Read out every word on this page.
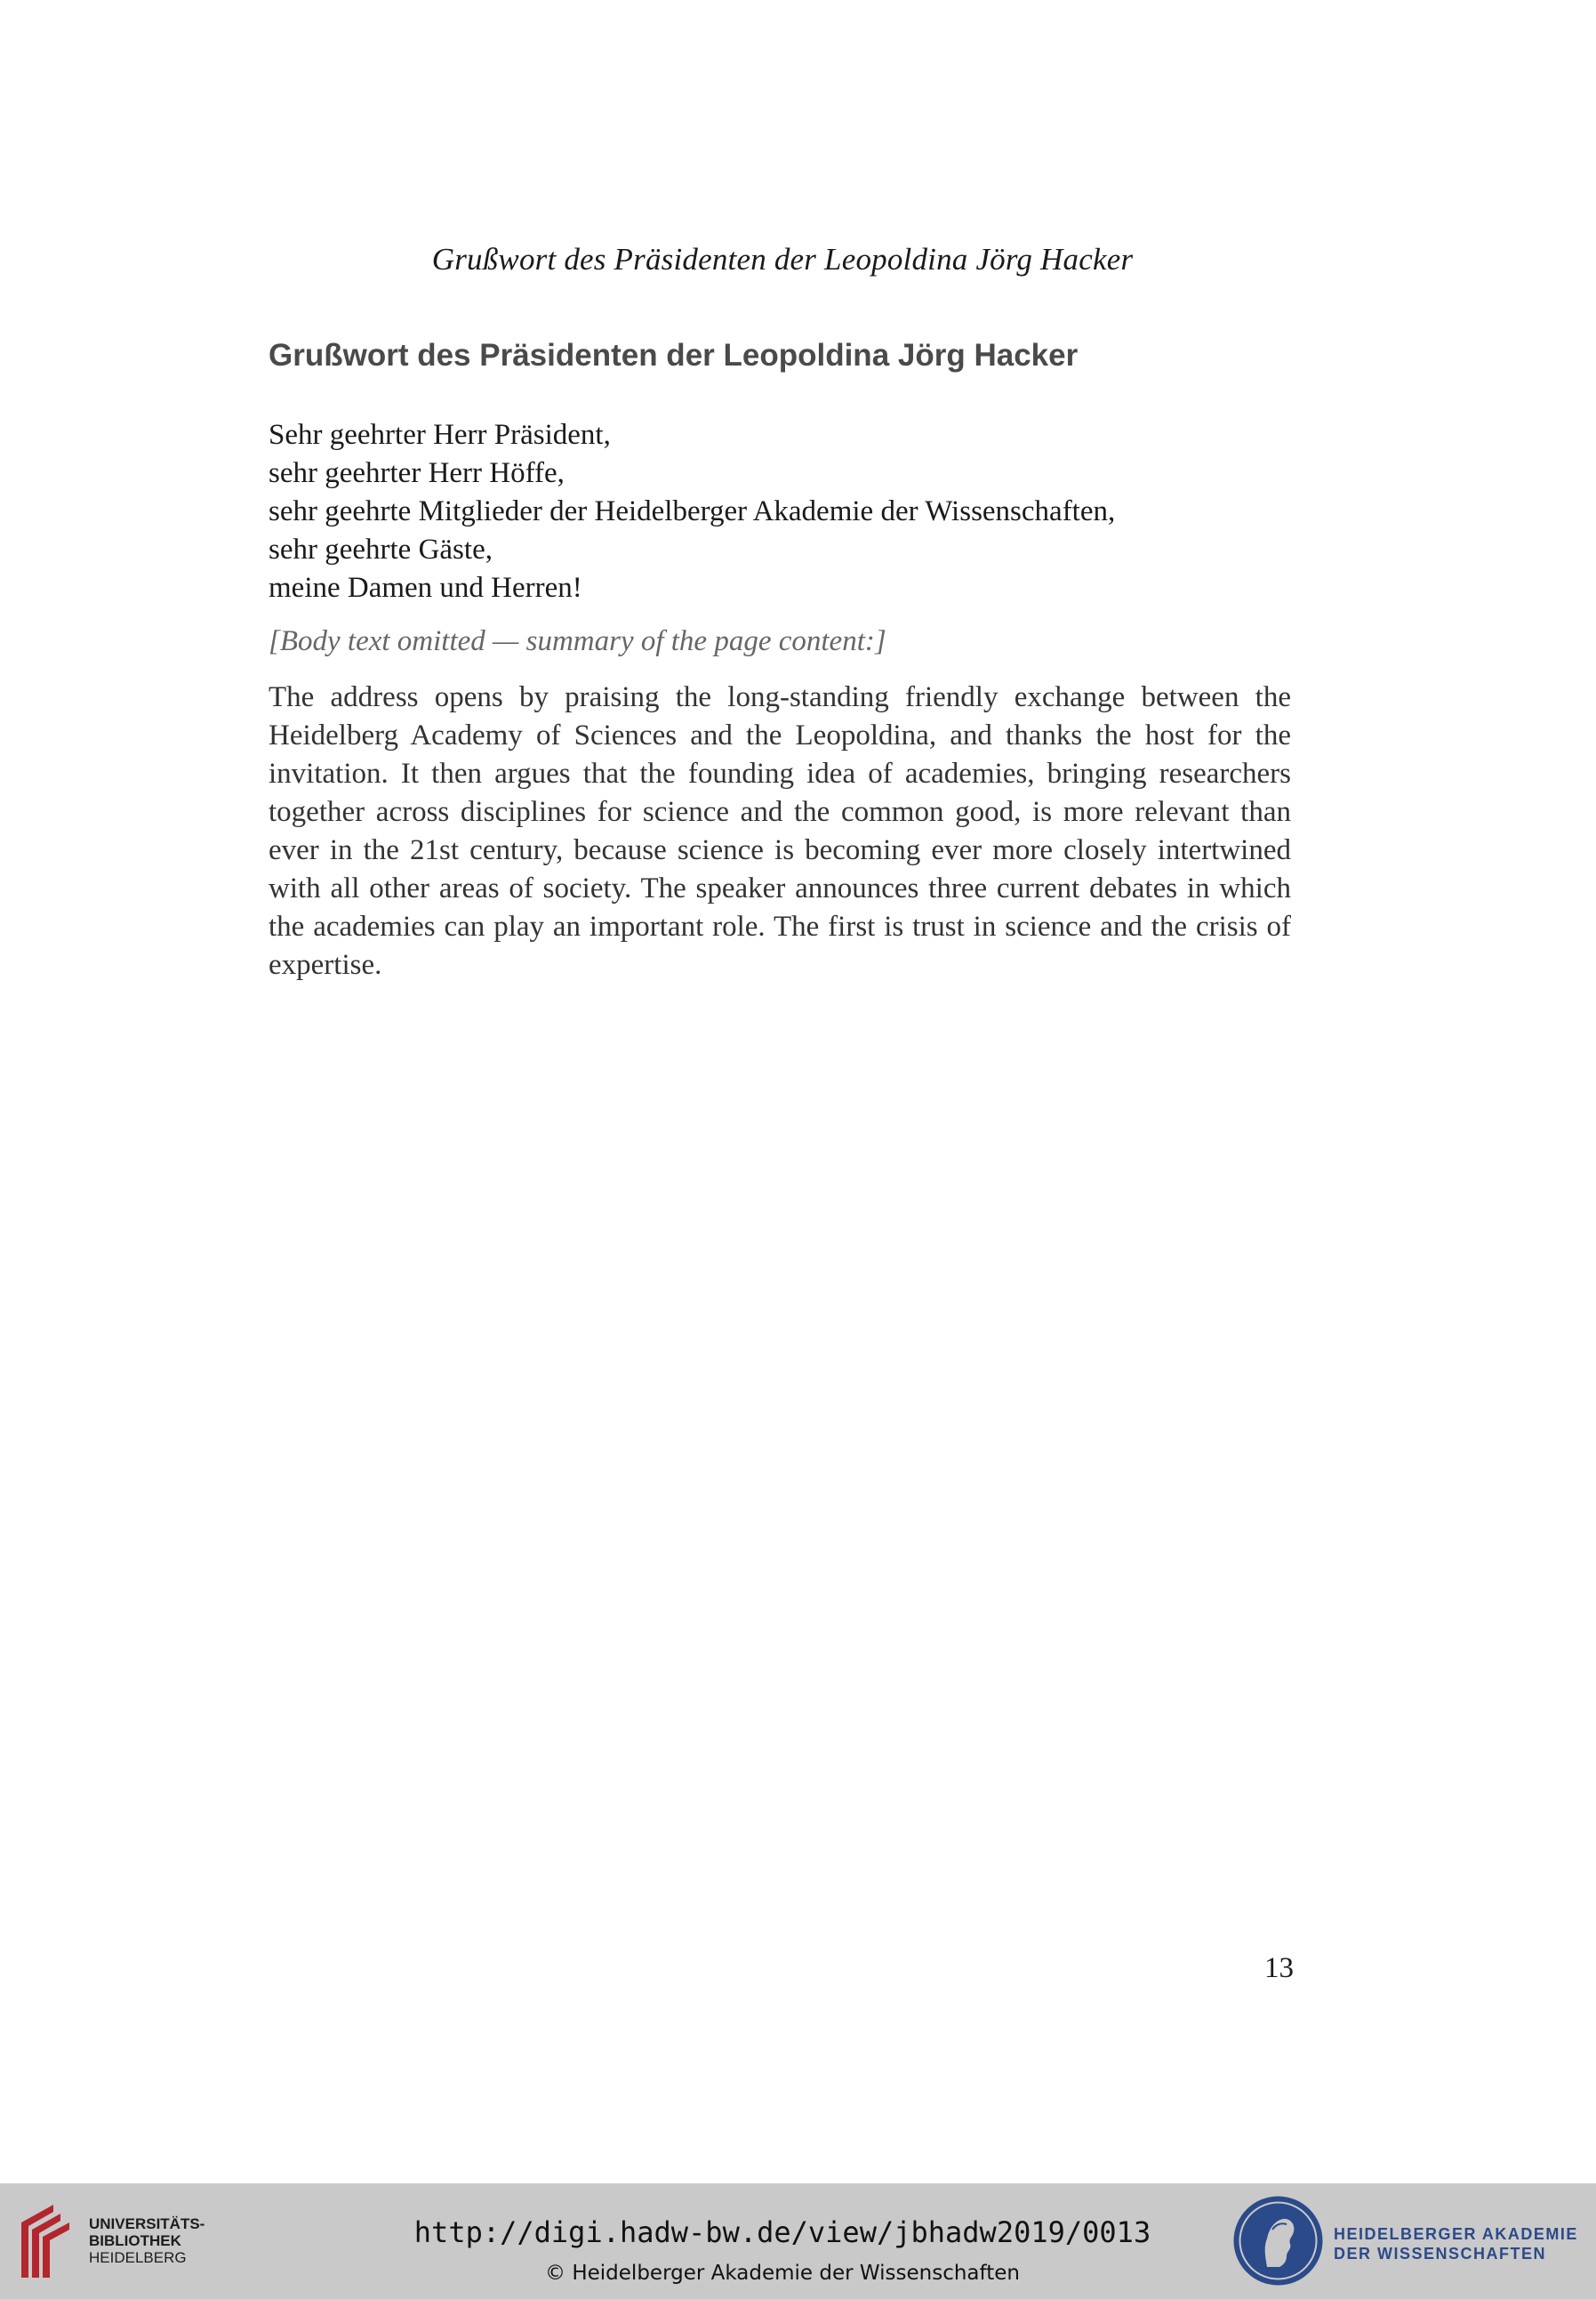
Grußwort des Präsidenten der Leopoldina Jörg Hacker
Grußwort des Präsidenten der Leopoldina Jörg Hacker
Sehr geehrter Herr Präsident,
sehr geehrter Herr Höffe,
sehr geehrte Mitglieder der Heidelberger Akademie der Wissenschaften,
sehr geehrte Gäste,
meine Damen und Herren!
[Body text omitted — summary of the page content:]
The address opens by praising the long-standing friendly exchange between the Heidelberg Academy of Sciences and the Leopoldina, and thanks the host for the invitation. It then argues that the founding idea of academies, bringing researchers together across disciplines for science and the common good, is more relevant than ever in the 21st century, because science is becoming ever more closely intertwined with all other areas of society. The speaker announces three current debates in which the academies can play an important role. The first is trust in science and the crisis of expertise.
13
UNIVERSITÄTS-
BIBLIOTHEK
HEIDELBERG
http://digi.hadw-bw.de/view/jbhadw2019/0013
© Heidelberger Akademie der Wissenschaften
HEIDELBERGER AKADEMIE
DER WISSENSCHAFTEN
